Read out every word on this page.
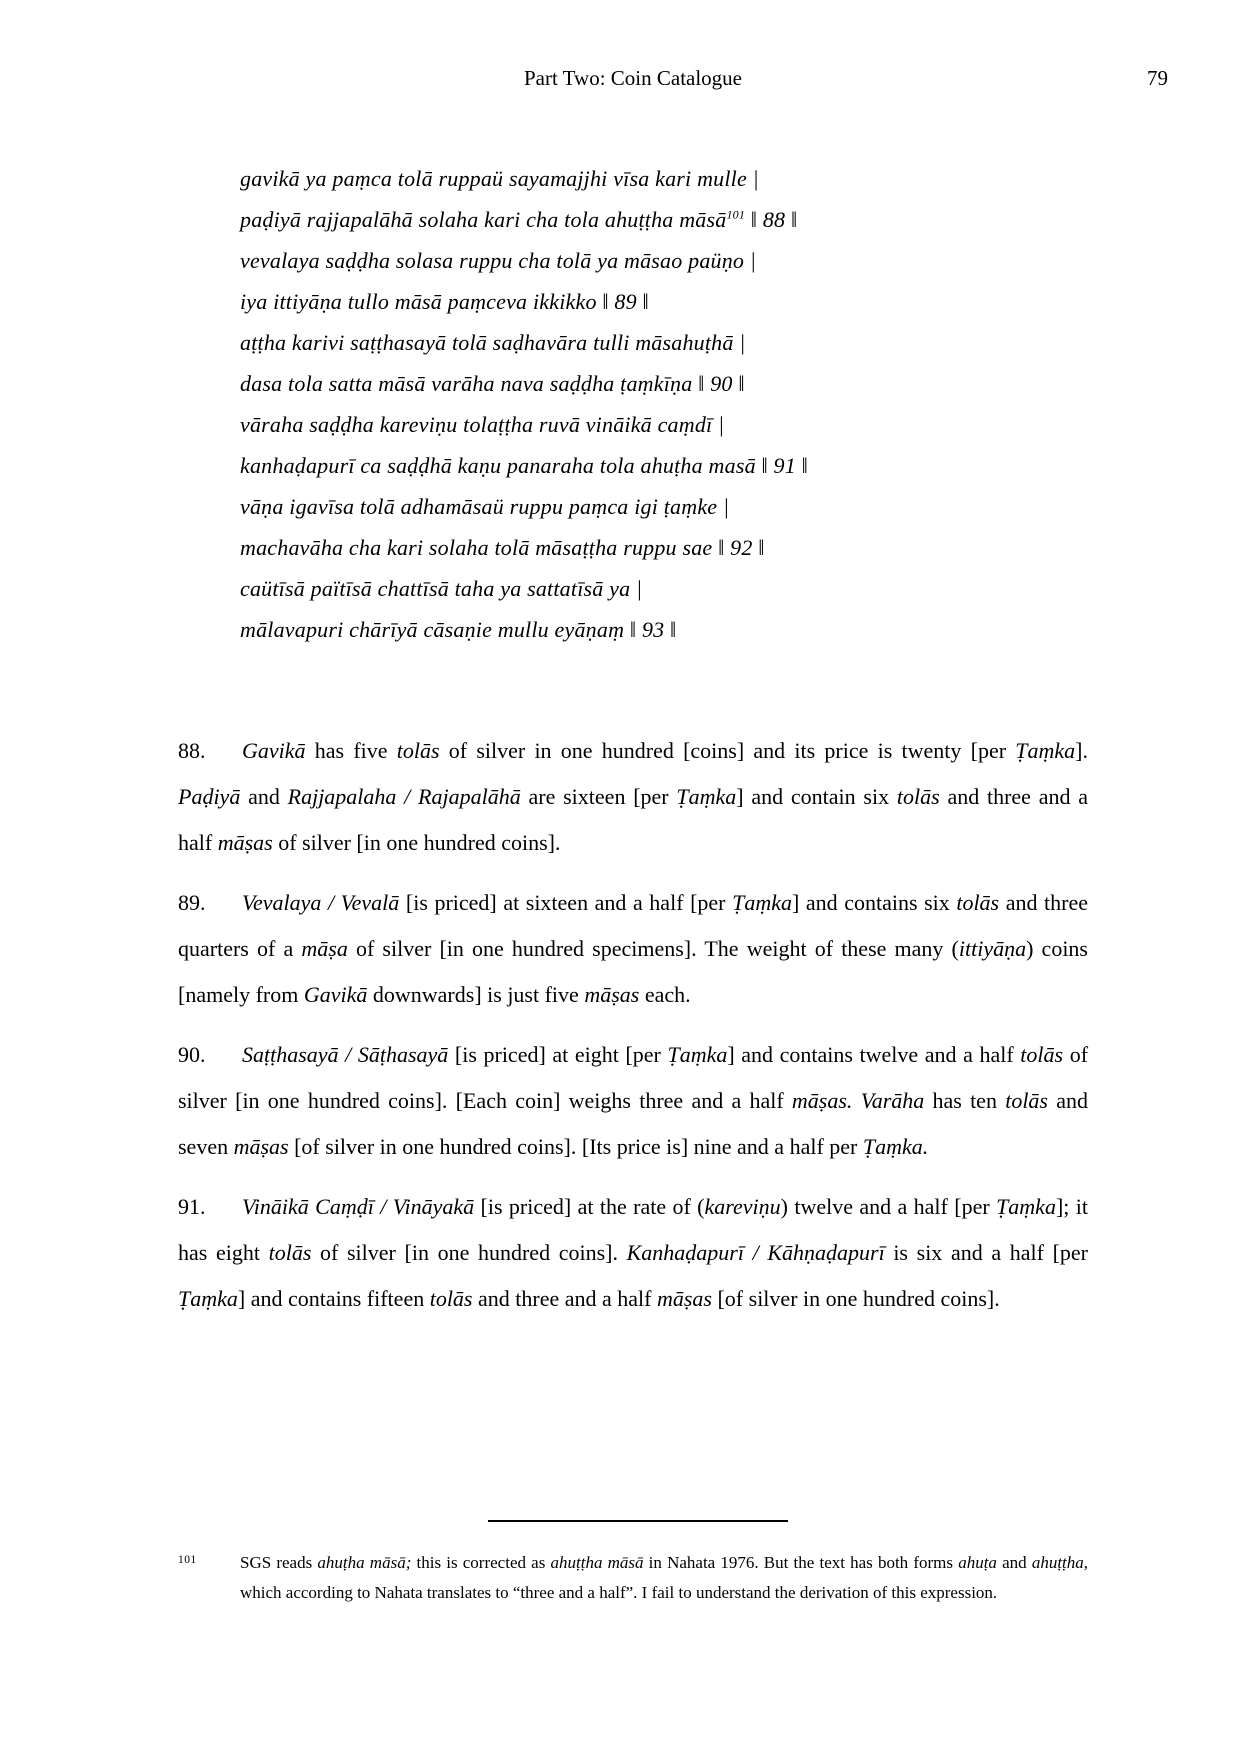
Part Two: Coin Catalogue	79
gavikā ya paṃca tolā ruppaü sayamajjhi vīsa kari mulle |
paḍiyā rajjapalāhā solaha kari cha tola ahuṭṭha māsā$^{101}$ ‖ 88 ‖
vevalaya saḍḍha solasa ruppu cha tolā ya māsao paüṇo |
iya ittiyāṇa tullo māsā paṃceva ikkikko ‖ 89 ‖
aṭṭha karivi saṭṭhasayā tolā saḍhavāra tulli māsahuṭhā |
dasa tola satta māsā varāha nava saḍḍha ṭaṃkīṇa ‖ 90 ‖
vāraha saḍḍha kareviṇu tolaṭṭha ruvā vināikā caṃdī |
kanhaḍapurī ca saḍḍhā kaṇu panaraha tola ahuṭha masā ‖ 91 ‖
vāṇa igavīsa tolā adhamāsaü ruppu paṃca igi ṭaṃke |
machavāha cha kari solaha tolā māsaṭṭha ruppu sae ‖ 92 ‖
caütīsā païtīsā chattīsā taha ya sattatīsā ya |
mālavapuri chārīyā cāsaṇie mullu eyāṇaṃ ‖ 93 ‖

88. Gavikā has five tolās of silver in one hundred [coins] and its price is twenty [per Ṭaṃka]. Paḍiyā and Rajjapalaha / Rajapalāhā are sixteen [per Ṭaṃka] and contain six tolās and three and a half māṣas of silver [in one hundred coins].

89. Vevalaya / Vevalā [is priced] at sixteen and a half [per Ṭaṃka] and contains six tolās and three quarters of a māṣa of silver [in one hundred specimens]. The weight of these many (ittiyāṇa) coins [namely from Gavikā downwards] is just five māṣas each.

90. Saṭṭhasayā / Sāṭhasayā [is priced] at eight [per Ṭaṃka] and contains twelve and a half tolās of silver [in one hundred coins]. [Each coin] weighs three and a half māṣas. Varāha has ten tolās and seven māṣas [of silver in one hundred coins]. [Its price is] nine and a half per Ṭaṃka.

91. Vināikā Caṃḍī / Vināyakā [is priced] at the rate of (kareviṇu) twelve and a half [per Ṭaṃka]; it has eight tolās of silver [in one hundred coins]. Kanhaḍapurī / Kāhṇaḍapurī is six and a half [per Ṭaṃka] and contains fifteen tolās and three and a half māṣas [of silver in one hundred coins].

101	SGS reads ahuṭha māsā; this is corrected as ahuṭṭha māsā in Nahata 1976. But the text has both forms ahuṭa and ahuṭṭha, which according to Nahata translates to “three and a half”. I fail to understand the derivation of this expression.
